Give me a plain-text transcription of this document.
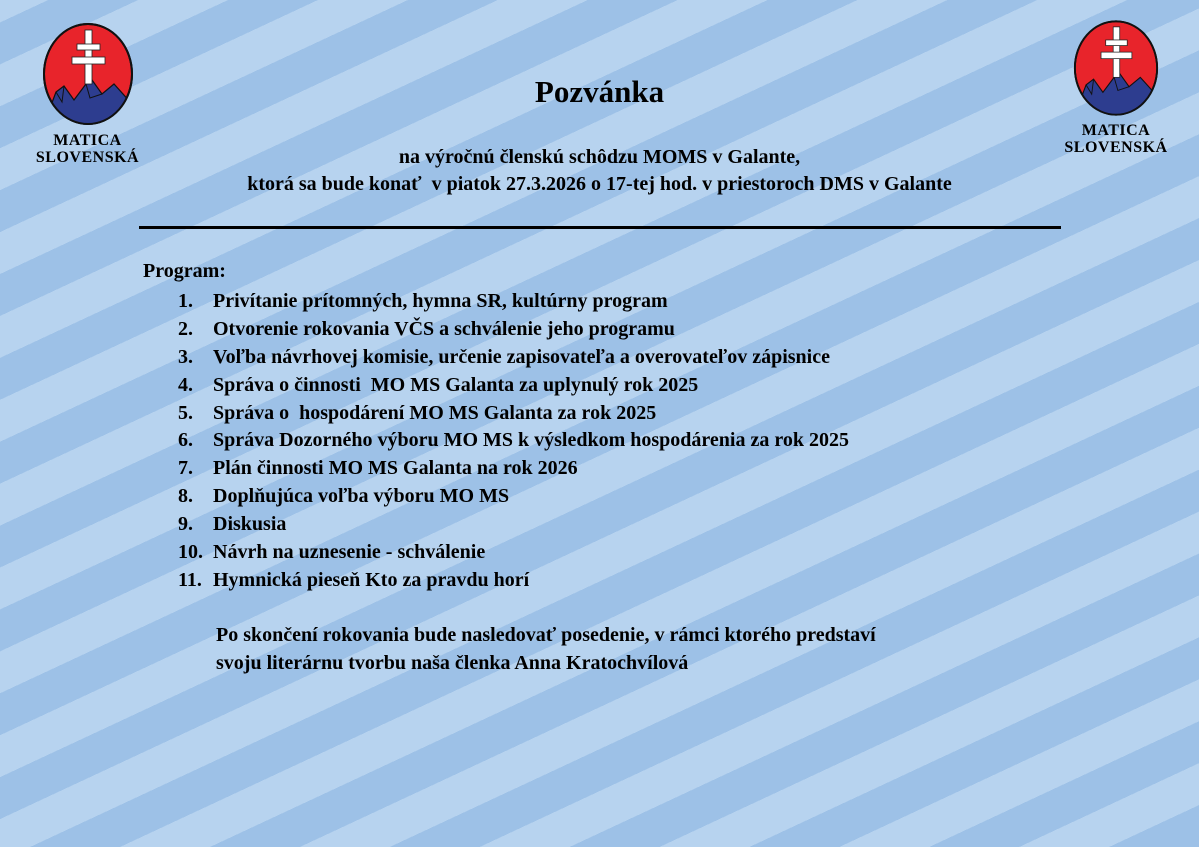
MATICA
SLOVENSKÁ
MATICA
SLOVENSKÁ
Pozvánka
na výročnú členskú schôdzu MOMS v Galante,
ktorá sa bude konať  v piatok 27.3.2026 o 17-tej hod. v priestoroch DMS v Galante
Program:
1.	Privítanie prítomných, hymna SR, kultúrny program
2.	Otvorenie rokovania VČS a schválenie jeho programu
3.	Voľba návrhovej komisie, určenie zapisovateľa a overovateľov zápisnice
4.	Správa o činnosti  MO MS Galanta za uplynulý rok 2025
5.	Správa o  hospodárení MO MS Galanta za rok 2025
6.	Správa Dozorného výboru MO MS k výsledkom hospodárenia za rok 2025
7.	Plán činnosti MO MS Galanta na rok 2026
8.	Doplňujúca voľba výboru MO MS
9.	Diskusia
10. Návrh na uznesenie - schválenie
11. Hymnická pieseň Kto za pravdu horí
Po skončení rokovania bude nasledovať posedenie, v rámci ktorého predstaví
svoju literárnu tvorbu naša členka Anna Kratochvílová
